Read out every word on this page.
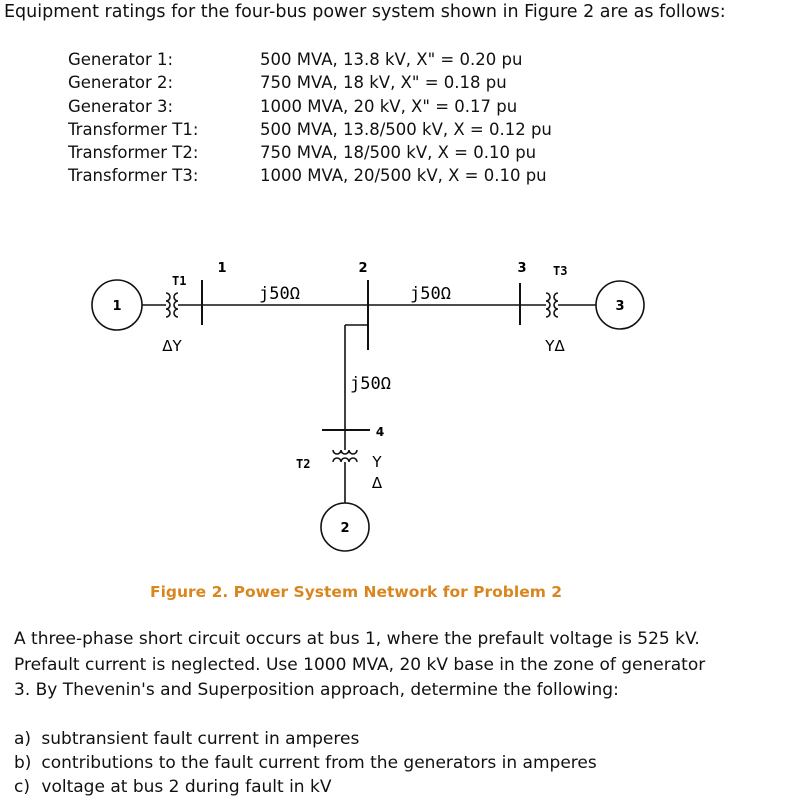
Equipment ratings for the four-bus power system shown in Figure 2 are as follows:
Generator 1:	500 MVA, 13.8 kV, X" = 0.20 pu
Generator 2:	750 MVA, 18 kV, X" = 0.18 pu
Generator 3:	1000 MVA, 20 kV, X" = 0.17 pu
Transformer T1:	500 MVA, 13.8/500 kV, X = 0.12 pu
Transformer T2:	750 MVA, 18/500 kV, X = 0.10 pu
Transformer T3:	1000 MVA, 20/500 kV, X = 0.10 pu
1
2
3
1	2	3
4
T1
T3
T2
j50Ω	j50Ω
j50Ω
ΔY	YΔ
Y
Δ
Figure 2. Power System Network for Problem 2

A three-phase short circuit occurs at bus 1, where the prefault voltage is 525 kV.

Prefault current is neglected. Use 1000 MVA, 20 kV base in the zone of generator

3. By Thevenin's and Superposition approach, determine the following:

a) subtransient fault current in amperes
b) contributions to the fault current from the generators in amperes
c) voltage at bus 2 during fault in kV
